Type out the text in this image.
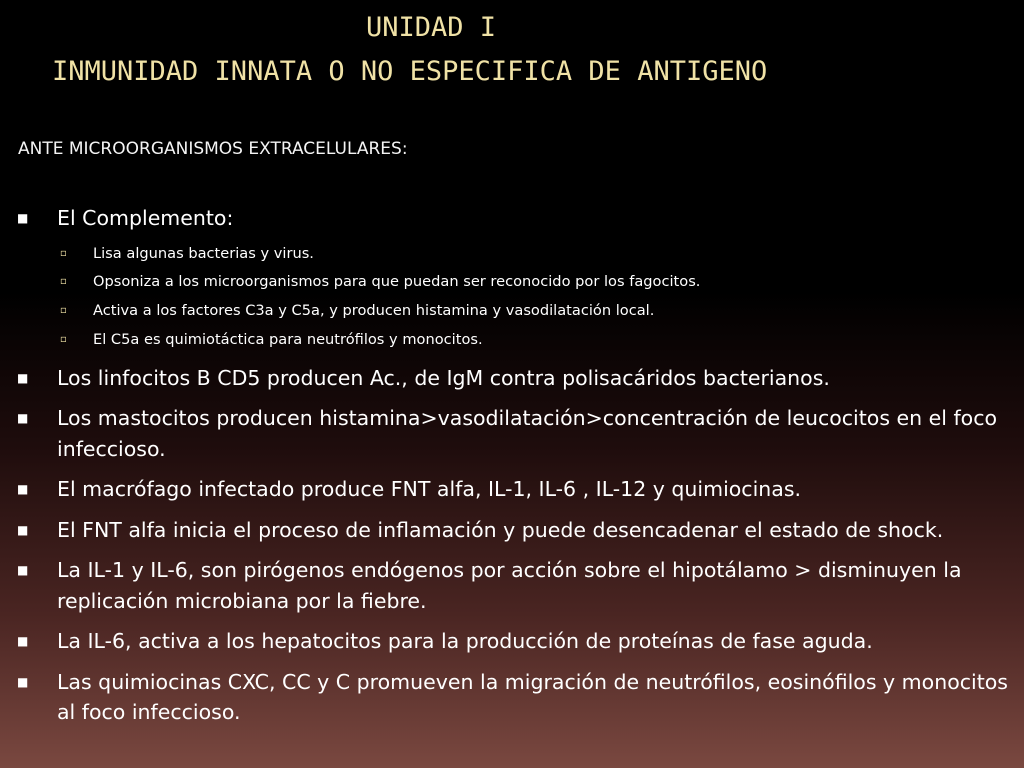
UNIDAD I
INMUNIDAD INNATA O NO ESPECIFICA DE ANTIGENO
ANTE MICROORGANISMOS EXTRACELULARES:
■ El Complemento:
▫ Lisa algunas bacterias y virus.
▫ Opsoniza a los microorganismos para que puedan ser reconocido por los fagocitos.
▫ Activa a los factores C3a y C5a, y producen histamina y vasodilatación local.
▫ El C5a es quimiotáctica para neutrófilos y monocitos.
■ Los linfocitos B CD5 producen Ac., de IgM contra polisacáridos bacterianos.
■ Los mastocitos producen histamina>vasodilatación>concentración de leucocitos en el foco infeccioso.
■ El macrófago infectado produce FNT alfa, IL-1, IL-6 , IL-12 y quimiocinas.
■ El FNT alfa inicia el proceso de inflamación y puede desencadenar el estado de shock.
■ La IL-1 y IL-6, son pirógenos endógenos por acción sobre el hipotálamo > disminuyen la replicación microbiana por la fiebre.
■ La IL-6, activa a los hepatocitos para la producción de proteínas de fase aguda.
■ Las quimiocinas CXC, CC y C promueven la migración de neutrófilos, eosinófilos y monocitos al foco infeccioso.
